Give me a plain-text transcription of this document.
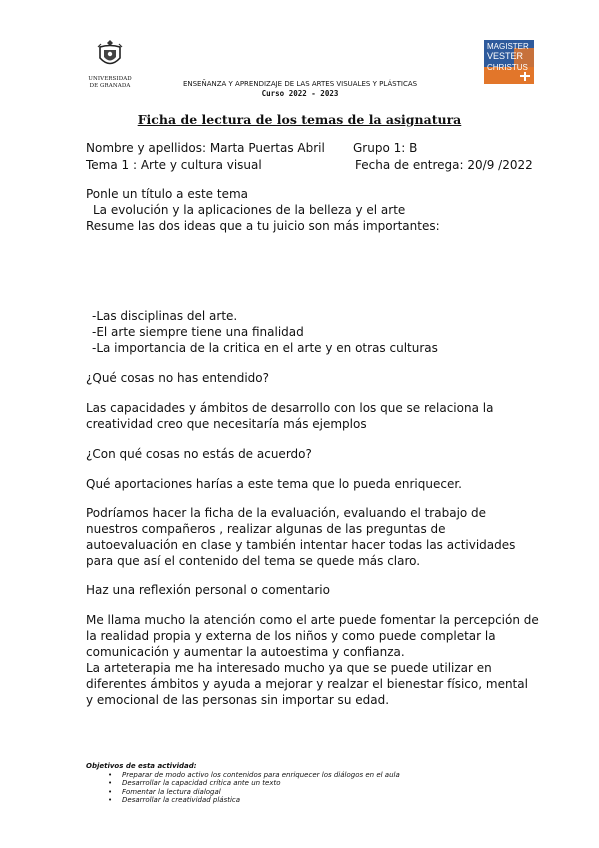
UNIVERSIDAD
DE GRANADA
MAGISTER
VESTER
CHRISTUS
ENSEÑANZA Y APRENDIZAJE DE LAS ARTES VISUALES Y PLÁSTICAS
Curso 2022 - 2023
Ficha de lectura de los temas de la asignatura
Nombre y apellidos: Marta Puertas Abril Grupo 1: B
Tema 1 : Arte y cultura visual	Fecha de entrega: 20/9 /2022
Ponle un título a este tema
La evolución y la aplicaciones de la belleza y el arte
Resume las dos ideas que a tu juicio son más importantes:
-Las disciplinas del arte.
-El arte siempre tiene una finalidad
-La importancia de la critica en el arte y en otras culturas
¿Qué cosas no has entendido?
Las capacidades y ámbitos de desarrollo con los que se relaciona la
creatividad creo que necesitaría más ejemplos
¿Con qué cosas no estás de acuerdo?
Qué aportaciones harías a este tema que lo pueda enriquecer.
Podríamos hacer la ficha de la evaluación, evaluando el trabajo de
nuestros compañeros , realizar algunas de las preguntas de
autoevaluación en clase y también intentar hacer todas las actividades
para que así el contenido del tema se quede más claro.
Haz una reflexión personal o comentario
Me llama mucho la atención como el arte puede fomentar la percepción de
la realidad propia y externa de los niños y como puede completar la
comunicación y aumentar la autoestima y confianza.
La arteterapia me ha interesado mucho ya que se puede utilizar en
diferentes ámbitos y ayuda a mejorar y realzar el bienestar físico, mental
y emocional de las personas sin importar su edad.
Objetivos de esta actividad:
• Preparar de modo activo los contenidos para enriquecer los diálogos en el aula
• Desarrollar la capacidad crítica ante un texto
• Fomentar la lectura dialogal
• Desarrollar la creatividad plástica
